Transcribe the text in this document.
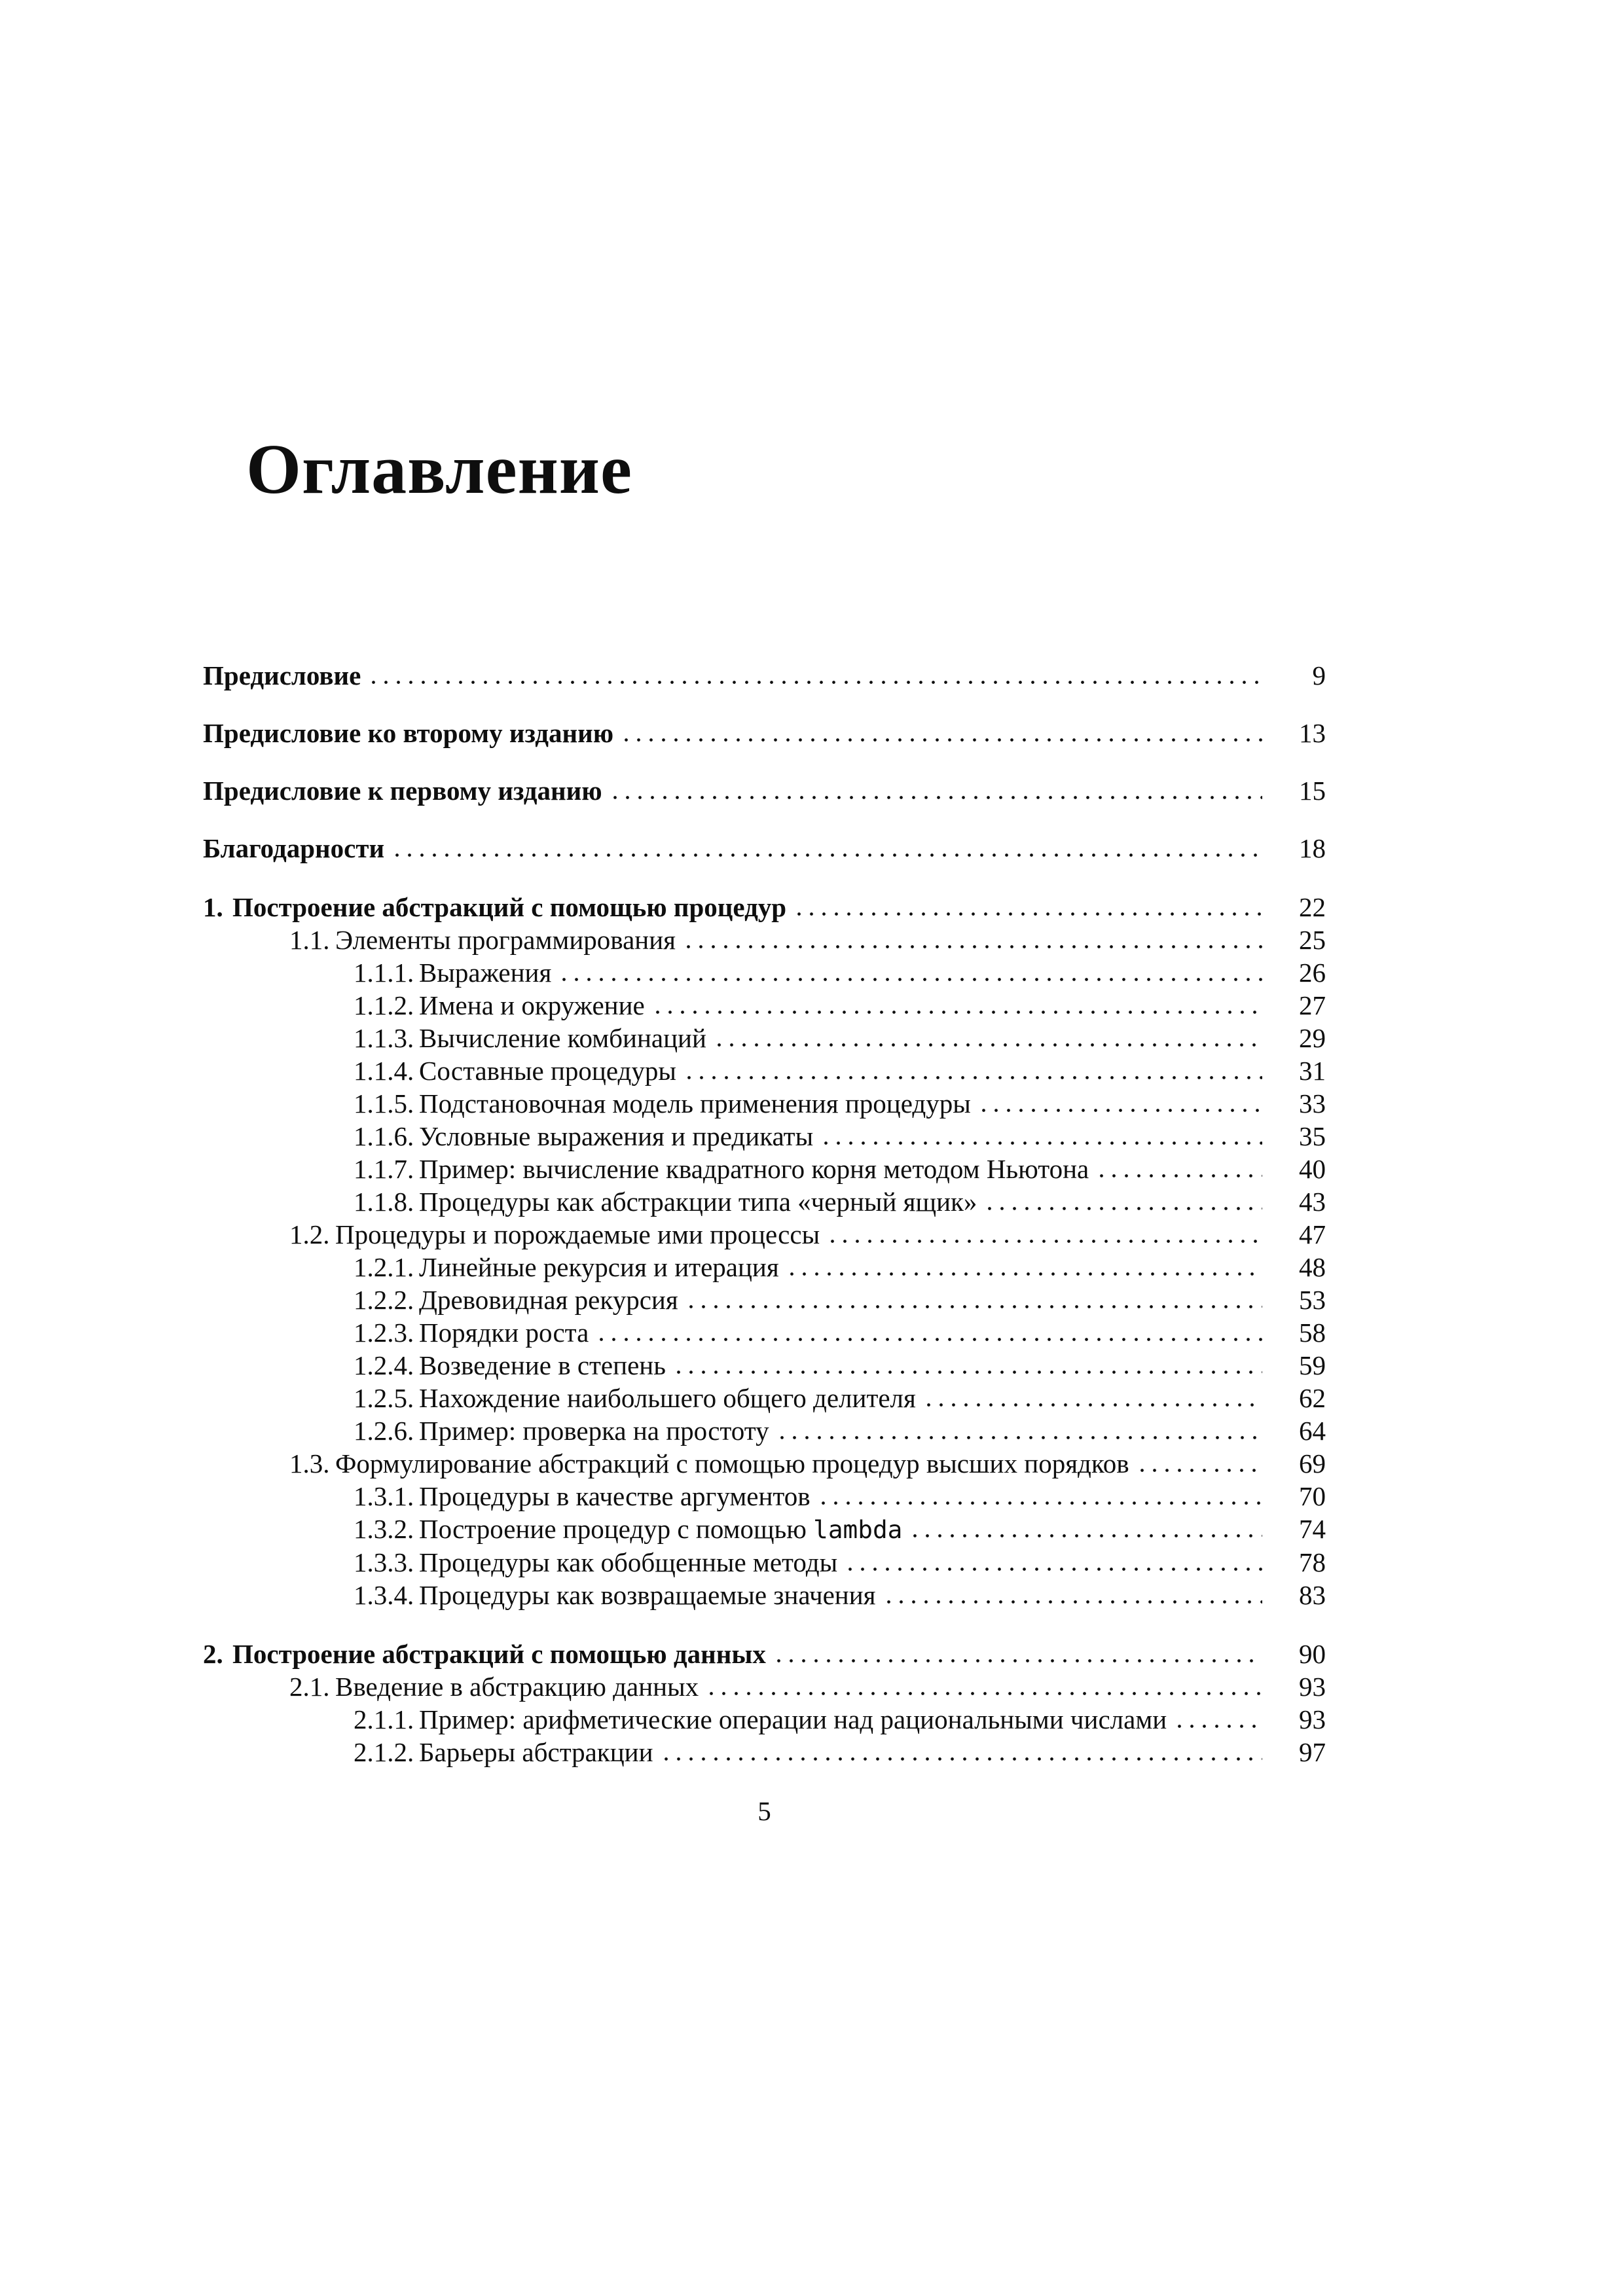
Оглавление
Предисловие	9
Предисловие ко второму изданию	13
Предисловие к первому изданию	15
Благодарности	18
1. Построение абстракций с помощью процедур	22
1.1. Элементы программирования	25
1.1.1. Выражения	26
1.1.2. Имена и окружение	27
1.1.3. Вычисление комбинаций	29
1.1.4. Составные процедуры	31
1.1.5. Подстановочная модель применения процедуры	33
1.1.6. Условные выражения и предикаты	35
1.1.7. Пример: вычисление квадратного корня методом Ньютона	40
1.1.8. Процедуры как абстракции типа «черный ящик»	43
1.2. Процедуры и порождаемые ими процессы	47
1.2.1. Линейные рекурсия и итерация	48
1.2.2. Древовидная рекурсия	53
1.2.3. Порядки роста	58
1.2.4. Возведение в степень	59
1.2.5. Нахождение наибольшего общего делителя	62
1.2.6. Пример: проверка на простоту	64
1.3. Формулирование абстракций с помощью процедур высших порядков	69
1.3.1. Процедуры в качестве аргументов	70
1.3.2. Построение процедур с помощью lambda	74
1.3.3. Процедуры как обобщенные методы	78
1.3.4. Процедуры как возвращаемые значения	83
2. Построение абстракций с помощью данных	90
2.1. Введение в абстракцию данных	93
2.1.1. Пример: арифметические операции над рациональными числами	93
2.1.2. Барьеры абстракции	97
5
